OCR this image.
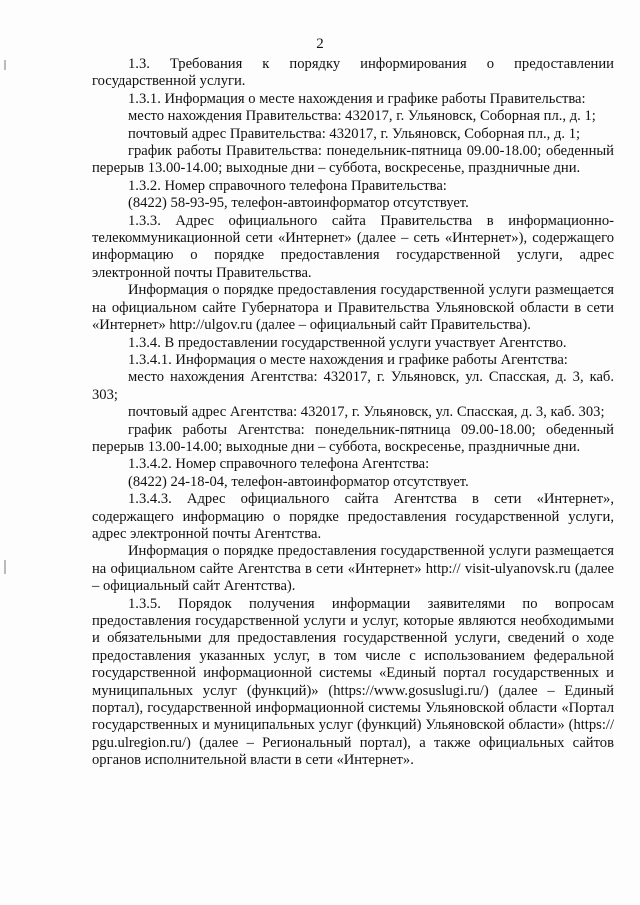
2

1.3. Требования к порядку информирования о предоставлении государственной услуги.

1.3.1. Информация о месте нахождения и графике работы Правительства:

место нахождения Правительства: 432017, г. Ульяновск, Соборная пл., д. 1;

почтовый адрес Правительства: 432017, г. Ульяновск, Соборная пл., д. 1;

график работы Правительства: понедельник-пятница 09.00-18.00; обеденный перерыв 13.00-14.00; выходные дни – суббота, воскресенье, праздничные дни.

1.3.2. Номер справочного телефона Правительства:

(8422) 58-93-95, телефон-автоинформатор отсутствует.

1.3.3. Адрес официального сайта Правительства в информационно-телекоммуникационной сети «Интернет» (далее – сеть «Интернет»), содержащего информацию о порядке предоставления государственной услуги, адрес электронной почты Правительства.

Информация о порядке предоставления государственной услуги размещается на официальном сайте Губернатора и Правительства Ульяновской области в сети «Интернет» http://ulgov.ru (далее – официальный сайт Правительства).

1.3.4. В предоставлении государственной услуги участвует Агентство.

1.3.4.1. Информация о месте нахождения и графике работы Агентства:

место нахождения Агентства: 432017, г. Ульяновск, ул. Спасская, д. 3, каб. 303;

почтовый адрес Агентства: 432017, г. Ульяновск, ул. Спасская, д. 3, каб. 303;

график работы Агентства: понедельник-пятница 09.00-18.00; обеденный перерыв 13.00-14.00; выходные дни – суббота, воскресенье, праздничные дни.

1.3.4.2. Номер справочного телефона Агентства:

(8422) 24-18-04, телефон-автоинформатор отсутствует.

1.3.4.3. Адрес официального сайта Агентства в сети «Интернет», содержащего информацию о порядке предоставления государственной услуги, адрес электронной почты Агентства.

Информация о порядке предоставления государственной услуги размещается на официальном сайте Агентства в сети «Интернет» http:// visit-ulyanovsk.ru (далее – официальный сайт Агентства).

1.3.5. Порядок получения информации заявителями по вопросам предоставления государственной услуги и услуг, которые являются необходимыми и обязательными для предоставления государственной услуги, сведений о ходе предоставления указанных услуг, в том числе с использованием федеральной государственной информационной системы «Единый портал государственных и муниципальных услуг (функций)» (https://www.gosuslugi.ru/) (далее – Единый портал), государственной информационной системы Ульяновской области «Портал государственных и муниципальных услуг (функций) Ульяновской области» (https:// pgu.ulregion.ru/) (далее – Региональный портал), а также официальных сайтов органов исполнительной власти в сети «Интернет».
